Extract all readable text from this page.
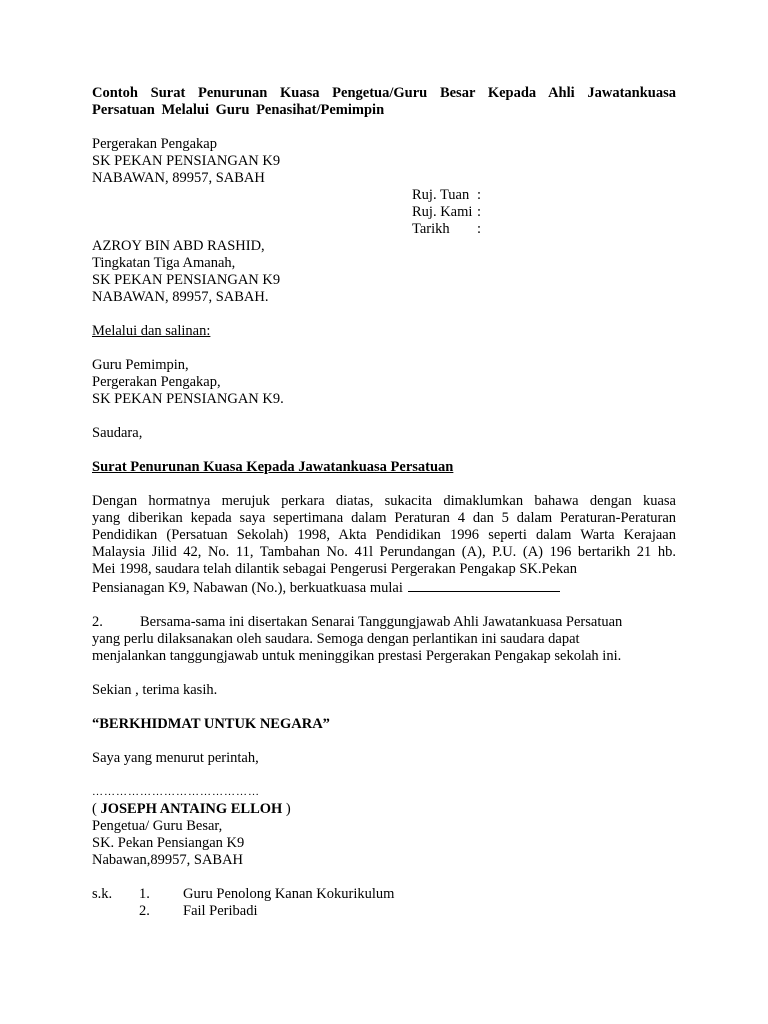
Contoh Surat Penurunan Kuasa Pengetua/Guru Besar Kepada Ahli Jawatankuasa
Persatuan Melalui Guru Penasihat/Pemimpin

Pergerakan Pengakap
SK PEKAN PENSIANGAN K9
NABAWAN, 89957, SABAH
Ruj. Tuan :
Ruj. Kami :
Tarikh	:
AZROY BIN ABD RASHID,
Tingkatan Tiga Amanah,
SK PEKAN PENSIANGAN K9
NABAWAN, 89957, SABAH.
Melalui dan salinan:
Guru Pemimpin,
Pergerakan Pengakap,
SK PEKAN PENSIANGAN K9.
Saudara,
Surat Penurunan Kuasa Kepada Jawatankuasa Persatuan
Dengan hormatnya merujuk perkara diatas, sukacita dimaklumkan bahawa dengan kuasa
yang diberikan kepada saya sepertimana dalam Peraturan 4 dan 5 dalam Peraturan-Peraturan
Pendidikan (Persatuan Sekolah) 1998, Akta Pendidikan 1996 seperti dalam Warta Kerajaan
Malaysia Jilid 42, No. 11, Tambahan No. 41l Perundangan (A), P.U. (A) 196 bertarikh 21 hb.
Mei 1998, saudara telah dilantik sebagai Pengerusi Pergerakan Pengakap SK.Pekan
Pensianagan K9, Nabawan (No.), berkuatkuasa mulai
2.	Bersama-sama ini disertakan Senarai Tanggungjawab Ahli Jawatankuasa Persatuan
yang perlu dilaksanakan oleh saudara. Semoga dengan perlantikan ini saudara dapat
menjalankan tanggungjawab untuk meninggikan prestasi Pergerakan Pengakap sekolah ini.
Sekian , terima kasih.
“BERKHIDMAT UNTUK NEGARA”
Saya yang menurut perintah,
……………………………………
( JOSEPH ANTAING ELLOH )
Pengetua/ Guru Besar,
SK. Pekan Pensiangan K9
Nabawan,89957, SABAH
s.k.	1.	Guru Penolong Kanan Kokurikulum
2.	Fail Peribadi
